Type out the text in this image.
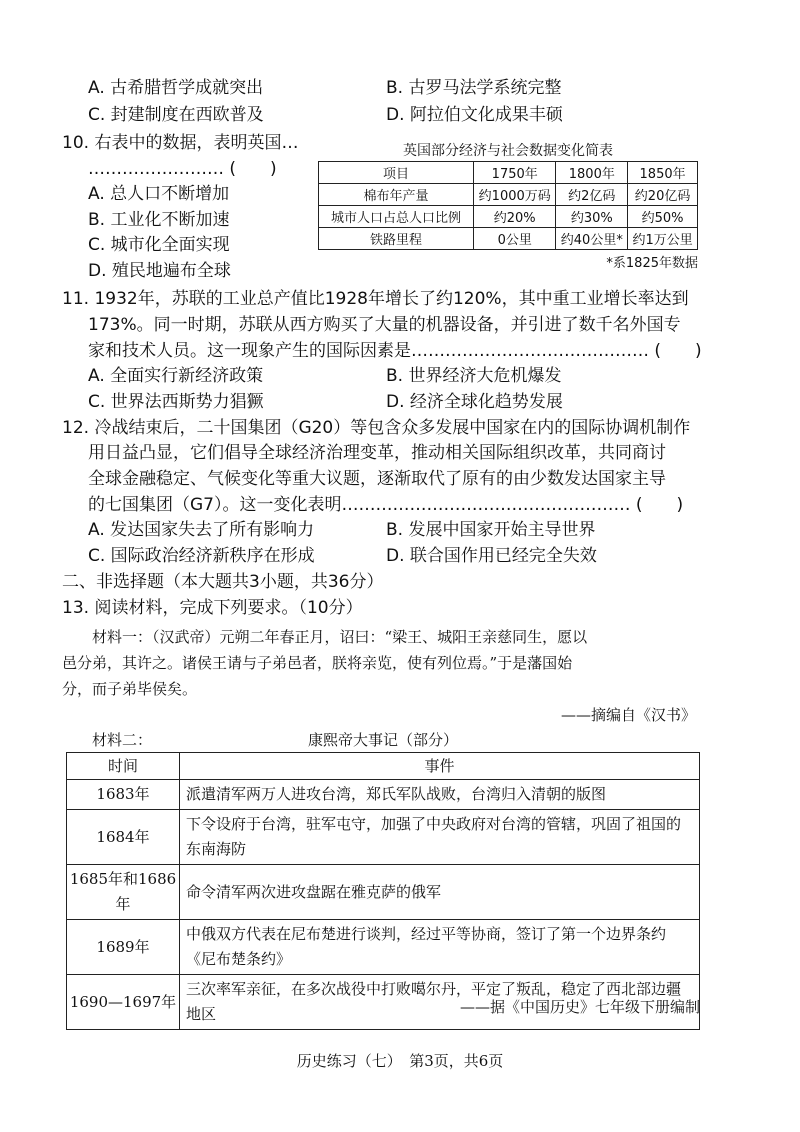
A. 古希腊哲学成就突出	B. 古罗马法学系统完整
C. 封建制度在西欧普及	D. 阿拉伯文化成果丰硕
10. 右表中的数据，表明英国…
…………………… (　　)
A. 总人口不断增加
B. 工业化不断加速
C. 城市化全面实现
D. 殖民地遍布全球
英国部分经济与社会数据变化简表
项目	1750年	1800年	1850年
棉布年产量	约1000万码	约2亿码	约20亿码
城市人口占总人口比例	约20%	约30%	约50%
铁路里程	0公里	约40公里*	约1万公里
*系1825年数据
11. 1932年，苏联的工业总产值比1928年增长了约120%，其中重工业增长率达到
173%。同一时期，苏联从西方购买了大量的机器设备，并引进了数千名外国专
家和技术人员。这一现象产生的国际因素是…………………………………… (　　)
A. 全面实行新经济政策	B. 世界经济大危机爆发
C. 世界法西斯势力猖獗	D. 经济全球化趋势发展
12. 冷战结束后，二十国集团（G20）等包含众多发展中国家在内的国际协调机制作
用日益凸显，它们倡导全球经济治理变革，推动相关国际组织改革，共同商讨
全球金融稳定、气候变化等重大议题，逐渐取代了原有的由少数发达国家主导
的七国集团（G7）。这一变化表明…………………………………………… (　　)
A. 发达国家失去了所有影响力	B. 发展中国家开始主导世界
C. 国际政治经济新秩序在形成	D. 联合国作用已经完全失效
二、非选择题（本大题共3小题，共36分）
13. 阅读材料，完成下列要求。（10分）
材料一：（汉武帝）元朔二年春正月，诏曰：“梁王、城阳王亲慈同生，愿以
邑分弟，其许之。诸侯王请与子弟邑者，朕将亲览，使有列位焉。”于是藩国始
分，而子弟毕侯矣。
——摘编自《汉书》
材料二：	康熙帝大事记（部分）
时间	事件
1683年	派遣清军两万人进攻台湾，郑氏军队战败，台湾归入清朝的版图
1684年	下令设府于台湾，驻军屯守，加强了中央政府对台湾的管辖，巩固了祖国的东南海防
1685年和1686年	命令清军两次进攻盘踞在雅克萨的俄军
1689年	中俄双方代表在尼布楚进行谈判，经过平等协商，签订了第一个边界条约《尼布楚条约》
1690—1697年	三次率军亲征，在多次战役中打败噶尔丹，平定了叛乱，稳定了西北部边疆地区	——据《中国历史》七年级下册编制
历史练习（七）　第3页，共6页
